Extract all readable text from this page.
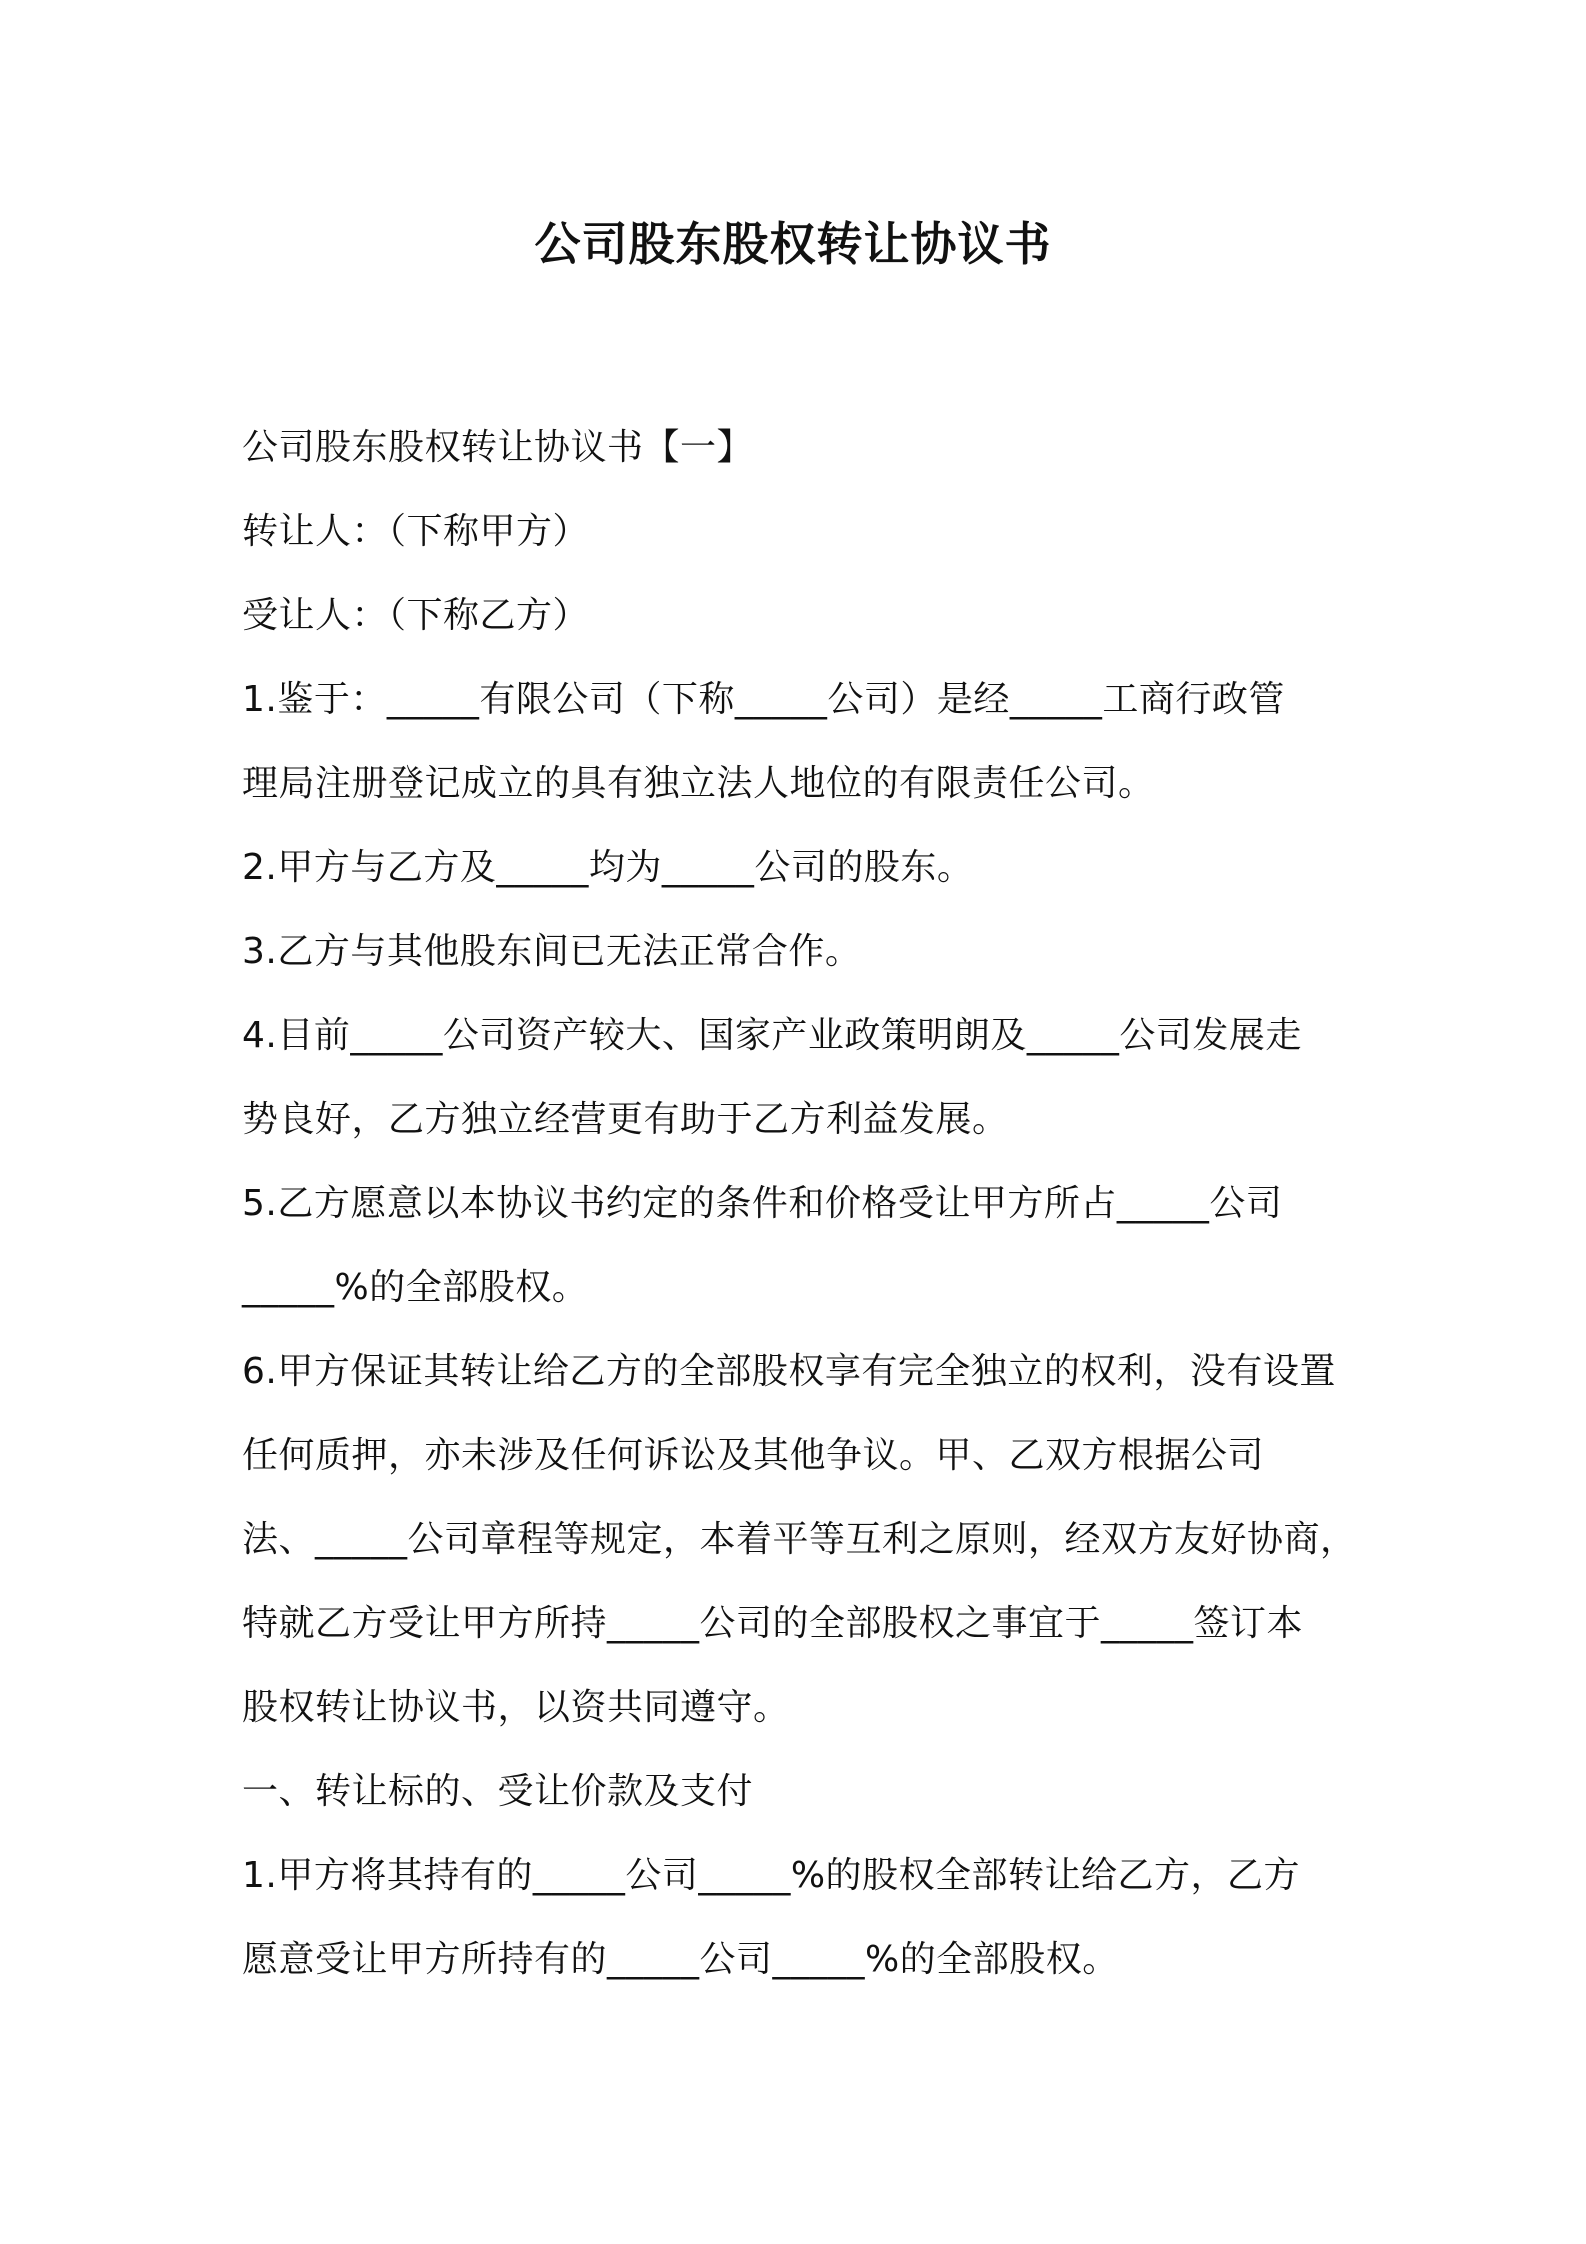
公司股东股权转让协议书

公司股东股权转让协议书【一】

转让人：（下称甲方）

受让人：（下称乙方）

1.鉴于：_____有限公司（下称_____公司）是经_____工商行政管

理局注册登记成立的具有独立法人地位的有限责任公司。

2.甲方与乙方及_____均为_____公司的股东。

3.乙方与其他股东间已无法正常合作。

4.目前_____公司资产较大、国家产业政策明朗及_____公司发展走

势良好，乙方独立经营更有助于乙方利益发展。

5.乙方愿意以本协议书约定的条件和价格受让甲方所占_____公司

_____%的全部股权。

6.甲方保证其转让给乙方的全部股权享有完全独立的权利，没有设置

任何质押，亦未涉及任何诉讼及其他争议。甲、乙双方根据公司

法、_____公司章程等规定，本着平等互利之原则，经双方友好协商，

特就乙方受让甲方所持_____公司的全部股权之事宜于_____签订本

股权转让协议书，以资共同遵守。

一、转让标的、受让价款及支付

1.甲方将其持有的_____公司_____%的股权全部转让给乙方，乙方

愿意受让甲方所持有的_____公司_____%的全部股权。
